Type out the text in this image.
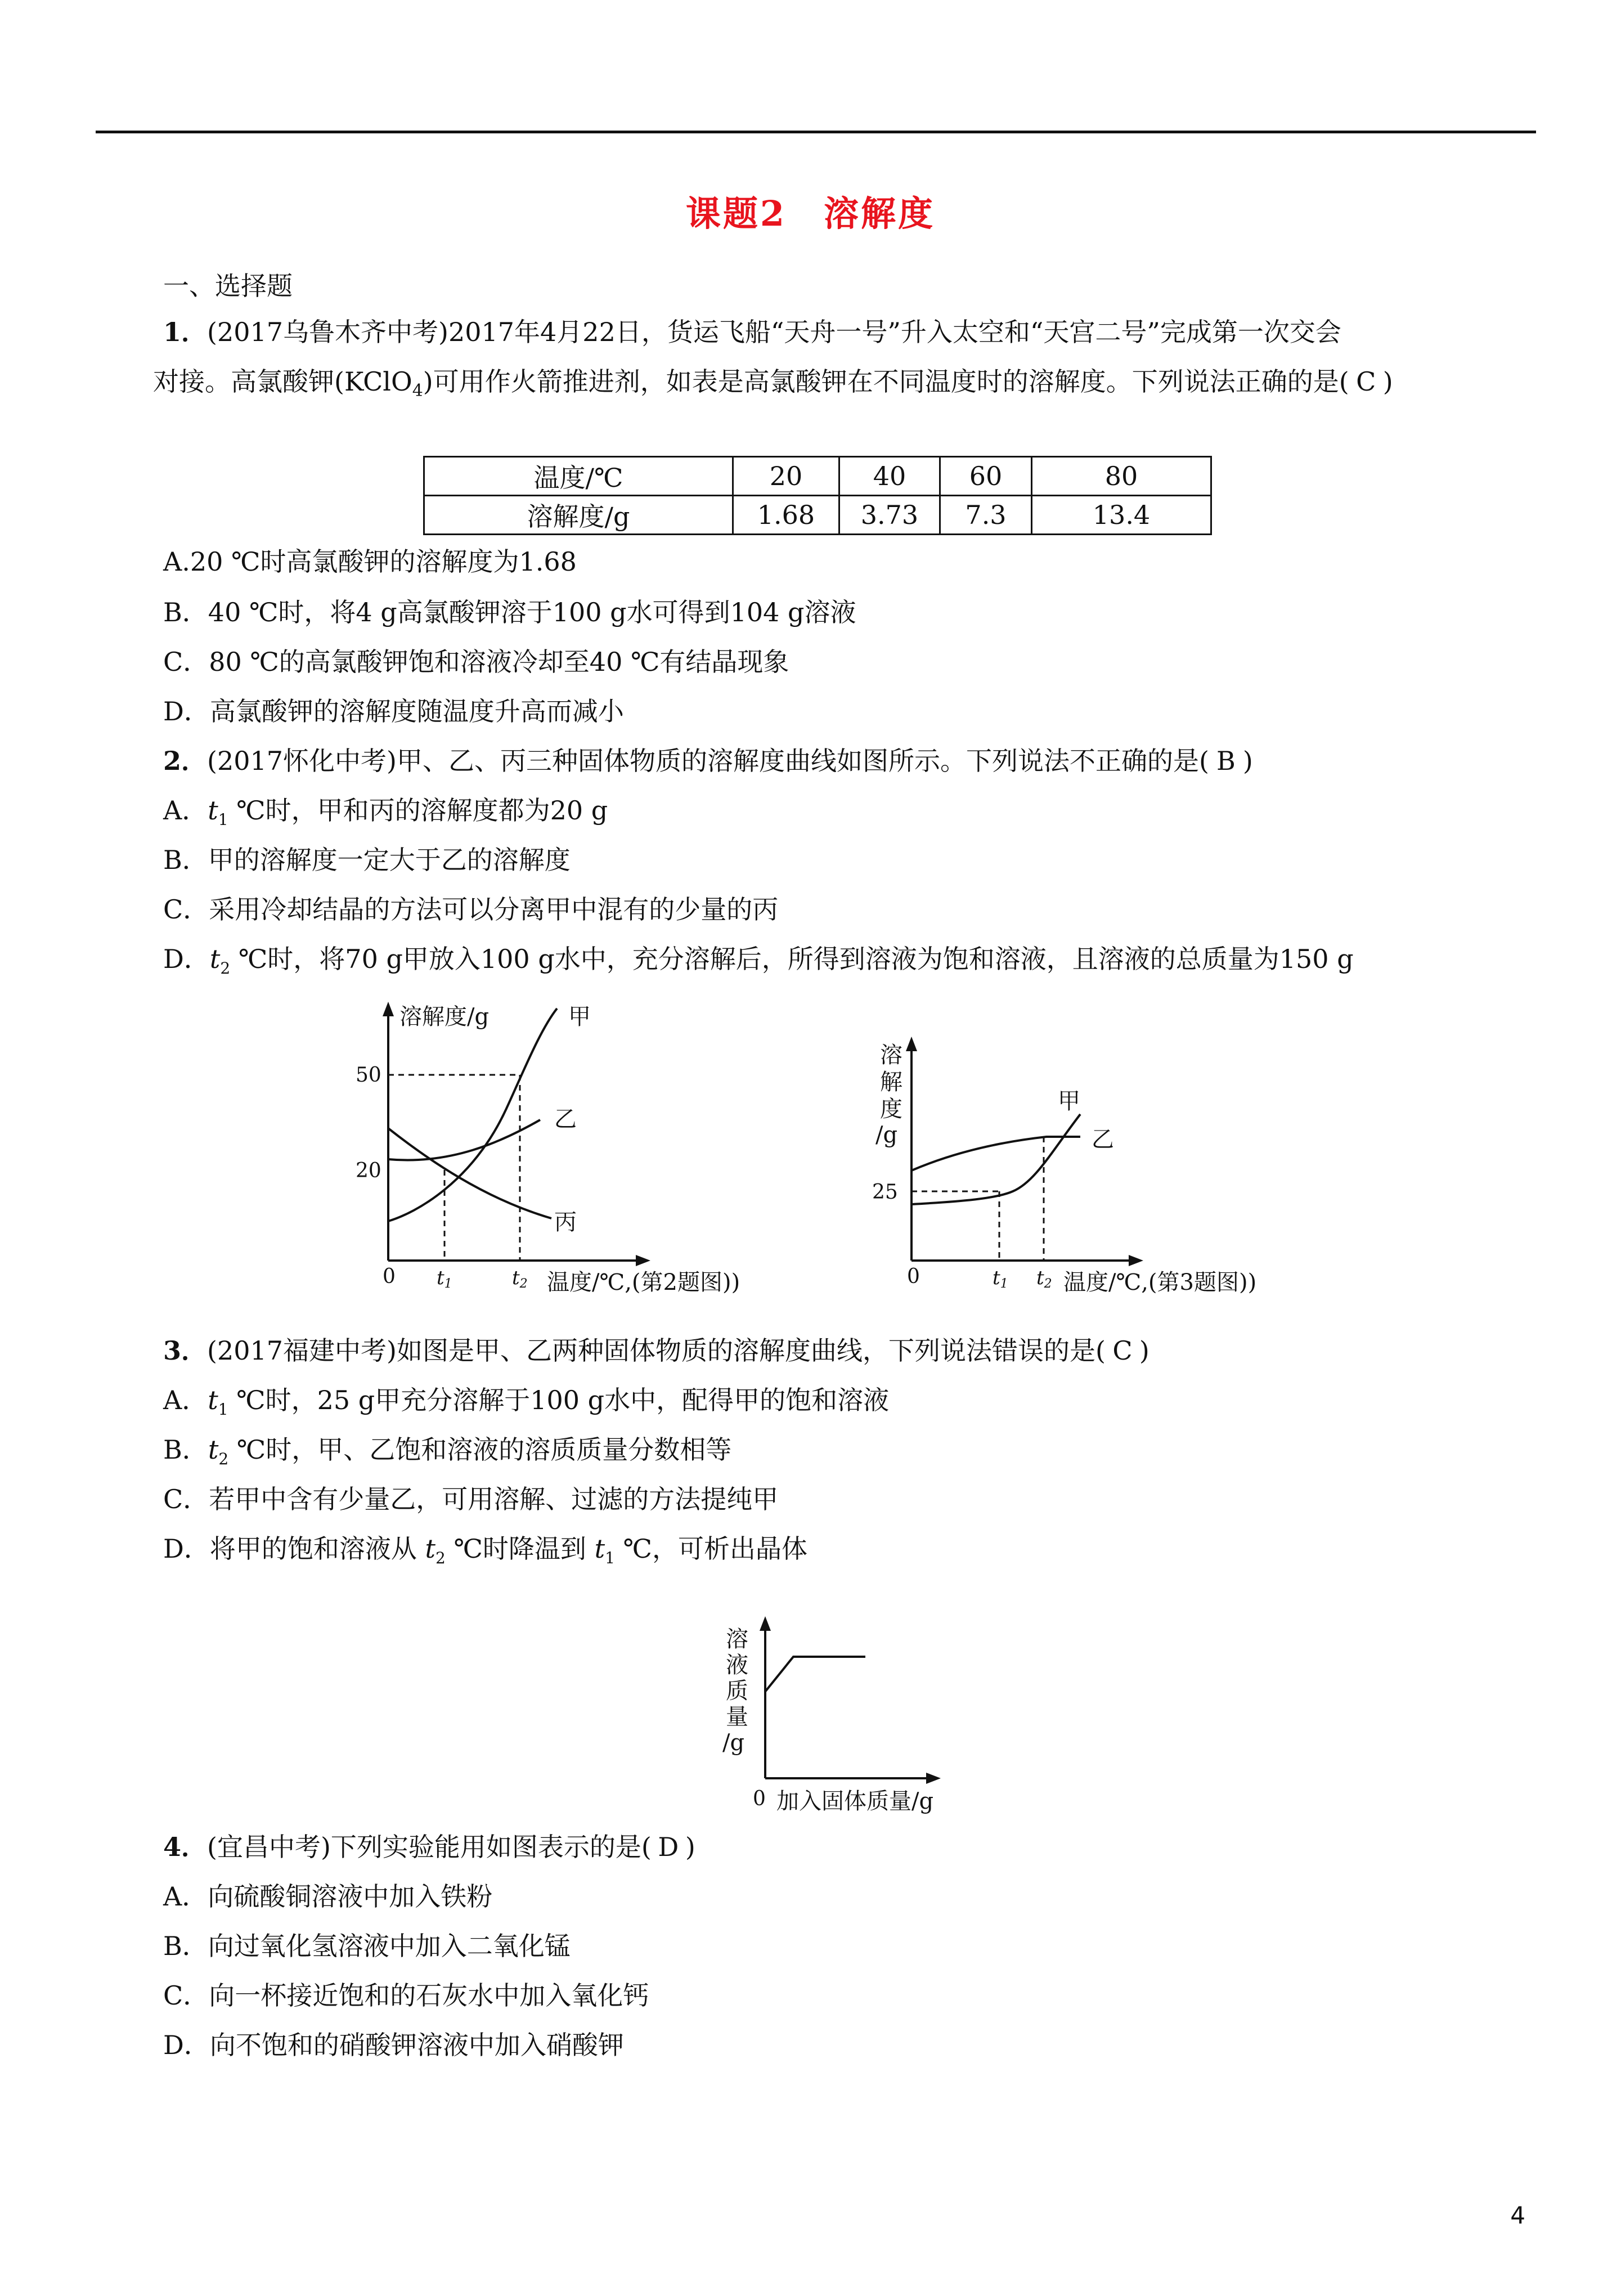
课题2　溶解度
一、选择题
1．(2017乌鲁木齐中考)2017年4月22日，货运飞船“天舟一号”升入太空和“天宫二号”完成第一次交会
对接。高氯酸钾(KClO$_4$)可用作火箭推进剂，如表是高氯酸钾在不同温度时的溶解度。下列说法正确的是( C )
温度/℃	20	40	60	80
溶解度/g	1.68	3.73	7.3	13.4
A.20 ℃时高氯酸钾的溶解度为1.68
B．40 ℃时，将4 g高氯酸钾溶于100 g水可得到104 g溶液
C．80 ℃的高氯酸钾饱和溶液冷却至40 ℃有结晶现象
D．高氯酸钾的溶解度随温度升高而减小
2．(2017怀化中考)甲、乙、丙三种固体物质的溶解度曲线如图所示。下列说法不正确的是( B )
A．$t_1$ ℃时，甲和丙的溶解度都为20 g
B．甲的溶解度一定大于乙的溶解度
C．采用冷却结晶的方法可以分离甲中混有的少量的丙
D．$t_2$ ℃时，将70 g甲放入100 g水中，充分溶解后，所得到溶液为饱和溶液，且溶液的总质量为150 g
溶解度/g	甲
乙
丙
50
20
0 t1	t2 温度/℃,(第2题图))
溶
解
度
/g
甲
乙
25
0	t1 t2 温度/℃,(第3题图))
3．(2017福建中考)如图是甲、乙两种固体物质的溶解度曲线，下列说法错误的是( C )
A．$t_1$ ℃时，25 g甲充分溶解于100 g水中，配得甲的饱和溶液
B．$t_2$ ℃时，甲、乙饱和溶液的溶质质量分数相等
C．若甲中含有少量乙，可用溶解、过滤的方法提纯甲
D．将甲的饱和溶液从 $t_2$ ℃时降温到 $t_1$ ℃，可析出晶体
溶
液
质
量
/g
0 加入固体质量/g
4．(宜昌中考)下列实验能用如图表示的是( D )
A．向硫酸铜溶液中加入铁粉
B．向过氧化氢溶液中加入二氧化锰
C．向一杯接近饱和的石灰水中加入氧化钙
D．向不饱和的硝酸钾溶液中加入硝酸钾
4
